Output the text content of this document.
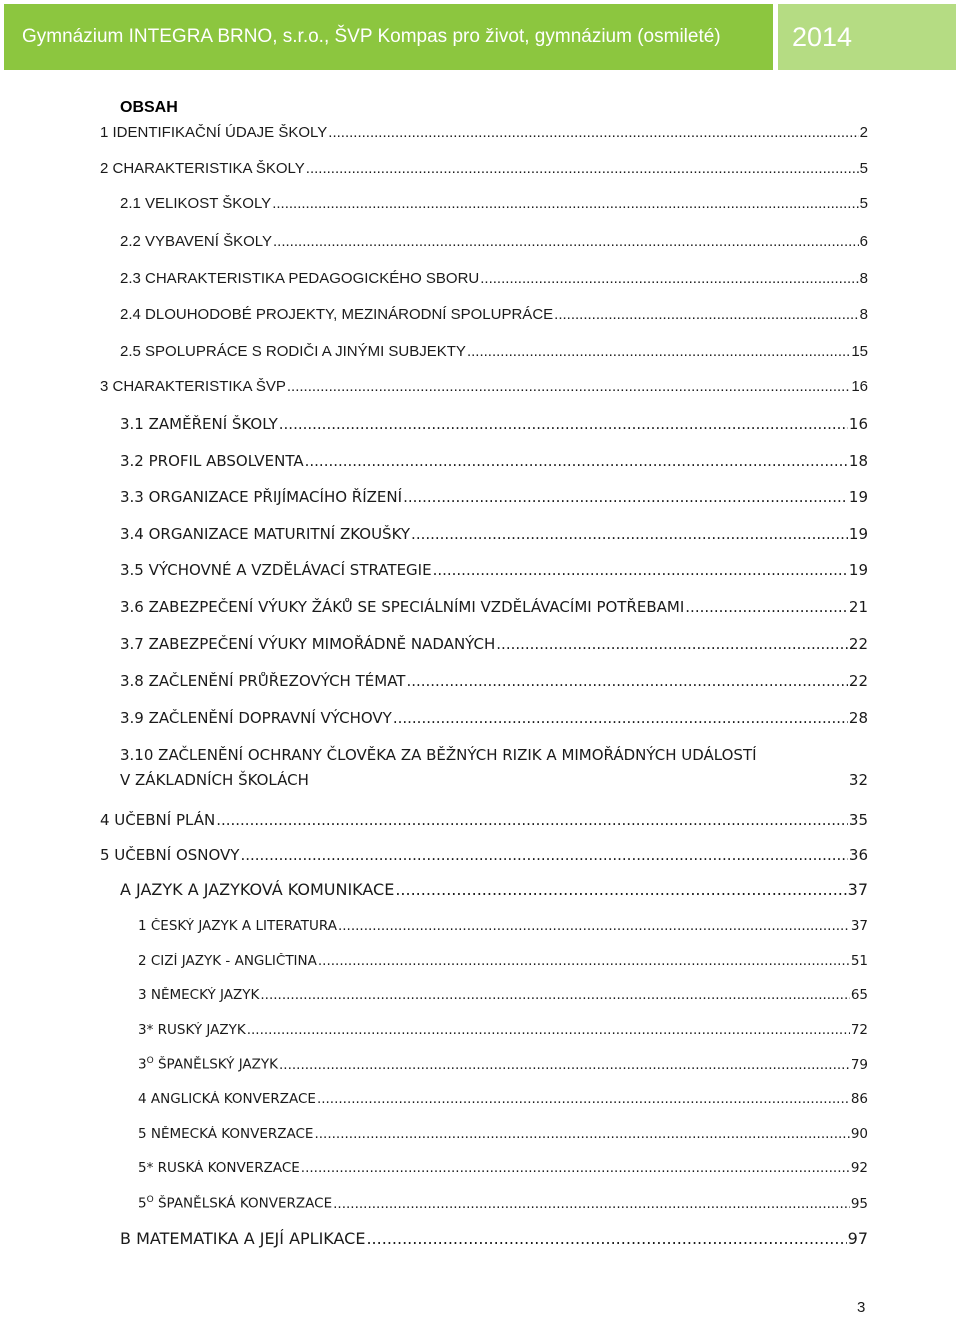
Gymnázium INTEGRA BRNO, s.r.o., ŠVP Kompas pro život, gymnázium (osmileté)	2014
OBSAH
1 IDENTIFIKAČNÍ ÚDAJE ŠKOLY .....	2
2 CHARAKTERISTIKA ŠKOLY .....	5
2.1 VELIKOST ŠKOLY .....	5
2.2 VYBAVENÍ ŠKOLY .....	6
2.3 CHARAKTERISTIKA PEDAGOGICKÉHO SBORU .....	8
2.4 DLOUHODOBÉ PROJEKTY, MEZINÁRODNÍ SPOLUPRÁCE .....	8
2.5 SPOLUPRÁCE S RODIČI A JINÝMI SUBJEKTY .....	15
3 CHARAKTERISTIKA ŠVP .....	16
3.1 ZAMĚŘENÍ ŠKOLY .....	16
3.2 PROFIL ABSOLVENTA .....	18
3.3 ORGANIZACE PŘIJÍMACÍHO ŘÍZENÍ .....	19
3.4 ORGANIZACE MATURITNÍ ZKOUŠKY .....	19
3.5 VÝCHOVNÉ A VZDĚLÁVACÍ STRATEGIE .....	19
3.6 ZABEZPEČENÍ VÝUKY ŽÁKŮ SE SPECIÁLNÍMI VZDĚLÁVACÍMI POTŘEBAMI .....	21
3.7 ZABEZPEČENÍ VÝUKY MIMOŘÁDNĚ NADANÝCH .....	22
3.8 ZAČLENĚNÍ PRŮŘEZOVÝCH TÉMAT .....	22
3.9 ZAČLENĚNÍ DOPRAVNÍ VÝCHOVY .....	28
3.10 ZAČLENĚNÍ OCHRANY ČLOVĚKA ZA BĚŽNÝCH RIZIK A MIMOŘÁDNÝCH UDÁLOSTÍ
V ZÁKLADNÍCH ŠKOLÁCH	32
4 UČEBNÍ PLÁN .....	35
5 UČEBNÍ OSNOVY .....	36
A JAZYK A JAZYKOVÁ KOMUNIKACE .....	37
1 ČESKÝ JAZYK A LITERATURA .....	37
2 CIZÍ JAZYK - ANGLIČTINA .....	51
3 NĚMECKÝ JAZYK .....	65
3* RUSKÝ JAZYK .....	72
$3^O$ ŠPANĚLSKÝ JAZYK .....	79
4 ANGLICKÁ KONVERZACE .....	86
5 NĚMECKÁ KONVERZACE .....	90
5* RUSKÁ KONVERZACE .....	92
$5^O$ ŠPANĚLSKÁ KONVERZACE .....	95
B MATEMATIKA A JEJÍ APLIKACE .....	97
3
